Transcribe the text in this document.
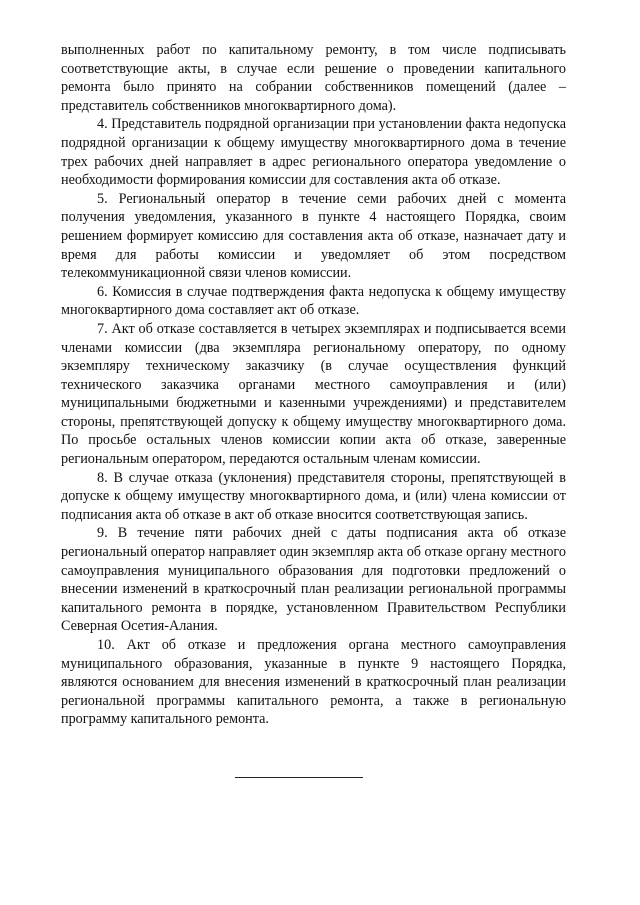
выполненных работ по капитальному ремонту, в том числе подписывать соответствующие акты, в случае если решение о проведении капитального ремонта было принято на собрании собственников помещений (далее – представитель собственников многоквартирного дома).

4. Представитель подрядной организации при установлении факта недопуска подрядной организации к общему имуществу многоквартирного дома в течение трех рабочих дней направляет в адрес регионального оператора уведомление о необходимости формирования комиссии для составления акта об отказе.

5. Региональный оператор в течение семи рабочих дней с момента получения уведомления, указанного в пункте 4 настоящего Порядка, своим решением формирует комиссию для составления акта об отказе, назначает дату и время для работы комиссии и уведомляет об этом посредством телекоммуникационной связи членов комиссии.

6. Комиссия в случае подтверждения факта недопуска к общему имуществу многоквартирного дома составляет акт об отказе.

7. Акт об отказе составляется в четырех экземплярах и подписывается всеми членами комиссии (два экземпляра региональному оператору, по одному экземпляру техническому заказчику (в случае осуществления функций технического заказчика органами местного самоуправления и (или) муниципальными бюджетными и казенными учреждениями) и представителем стороны, препятствующей допуску к общему имуществу многоквартирного дома. По просьбе остальных членов комиссии копии акта об отказе, заверенные региональным оператором, передаются остальным членам комиссии.

8. В случае отказа (уклонения) представителя стороны, препятствующей в допуске к общему имуществу многоквартирного дома, и (или) члена комиссии от подписания акта об отказе в акт об отказе вносится соответствующая запись.

9. В течение пяти рабочих дней с даты подписания акта об отказе региональный оператор направляет один экземпляр акта об отказе органу местного самоуправления муниципального образования для подготовки предложений о внесении изменений в краткосрочный план реализации региональной программы капитального ремонта в порядке, установленном Правительством Республики Северная Осетия-Алания.

10. Акт об отказе и предложения органа местного самоуправления муниципального образования, указанные в пункте 9 настоящего Порядка, являются основанием для внесения изменений в краткосрочный план реализации региональной программы капитального ремонта, а также в региональную программу капитального ремонта.
